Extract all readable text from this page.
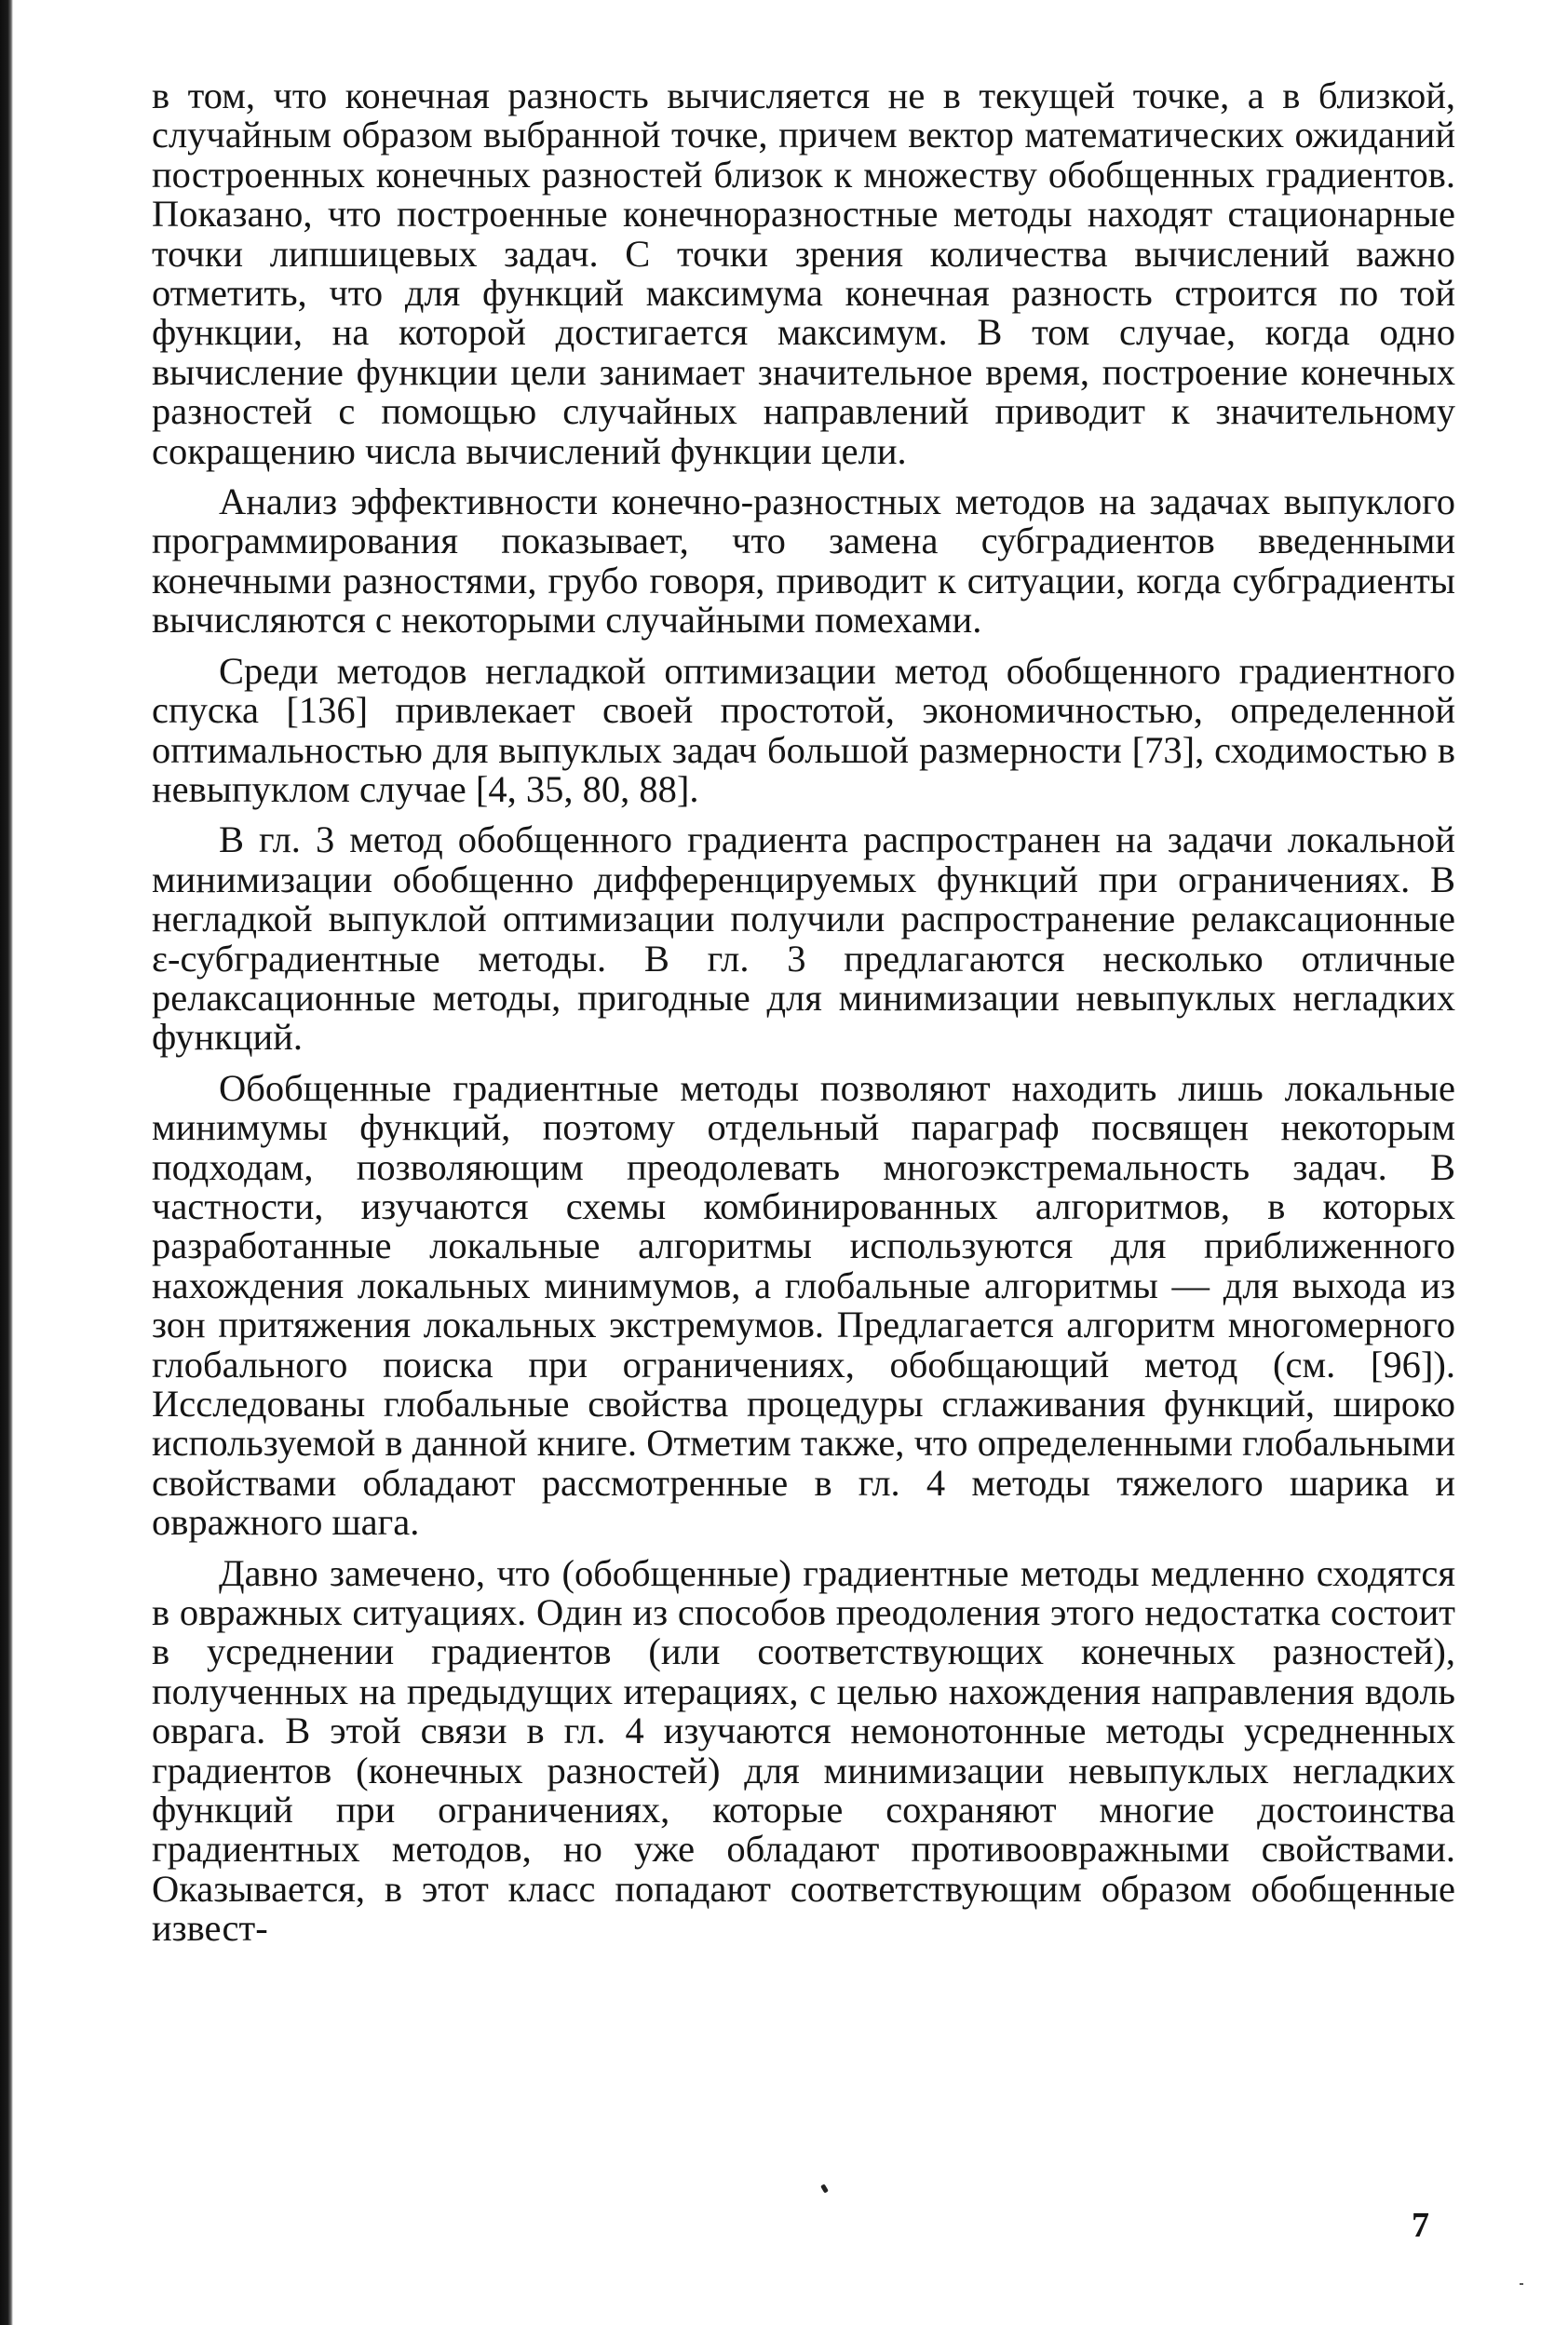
в том, что конечная разность вычисляется не в текущей точке, а в близкой, случайным образом выбранной точке, причем вектор математических ожиданий построенных конечных разностей близок к множеству обобщенных градиентов. Показано, что построенные конечноразностные методы находят стационарные точки липшицевых задач. С точки зрения количества вычислений важно отметить, что для функций максимума конечная разность строится по той функции, на которой достигается максимум. В том случае, когда одно вычисление функции цели занимает значительное время, построение конечных разностей с помощью случайных направлений приводит к значительному сокращению числа вычислений функции цели.

Анализ эффективности конечно-разностных методов на задачах выпуклого программирования показывает, что замена субградиентов введенными конечными разностями, грубо говоря, приводит к ситуации, когда субградиенты вычисляются с некоторыми случайными помехами.

Среди методов негладкой оптимизации метод обобщенного градиентного спуска [136] привлекает своей простотой, экономичностью, определенной оптимальностью для выпуклых задач большой размерности [73], сходимостью в невыпуклом случае [4, 35, 80, 88].

В гл. 3 метод обобщенного градиента распространен на задачи локальной минимизации обобщенно дифференцируемых функций при ограничениях. В негладкой выпуклой оптимизации получили распространение релаксационные ε-субградиентные методы. В гл. 3 предлагаются несколько отличные релаксационные методы, пригодные для минимизации невыпуклых негладких функций.

Обобщенные градиентные методы позволяют находить лишь локальные минимумы функций, поэтому отдельный параграф посвящен некоторым подходам, позволяющим преодолевать многоэкстремальность задач. В частности, изучаются схемы комбинированных алгоритмов, в которых разработанные локальные алгоритмы используются для приближенного нахождения локальных минимумов, а глобальные алгоритмы — для выхода из зон притяжения локальных экстремумов. Предлагается алгоритм многомерного глобального поиска при ограничениях, обобщающий метод (см. [96]). Исследованы глобальные свойства процедуры сглаживания функций, широко используемой в данной книге. Отметим также, что определенными глобальными свойствами обладают рассмотренные в гл. 4 методы тяжелого шарика и овражного шага.

Давно замечено, что (обобщенные) градиентные методы медленно сходятся в овражных ситуациях. Один из способов преодоления этого недостатка состоит в усреднении градиентов (или соответствующих конечных разностей), полученных на предыдущих итерациях, с целью нахождения направления вдоль оврага. В этой связи в гл. 4 изучаются немонотонные методы усредненных градиентов (конечных разностей) для минимизации невыпуклых негладких функций при ограничениях, которые сохраняют многие достоинства градиентных методов, но уже обладают противоовражными свойствами. Оказывается, в этот класс попадают соответствующим образом обобщенные извест-

7
